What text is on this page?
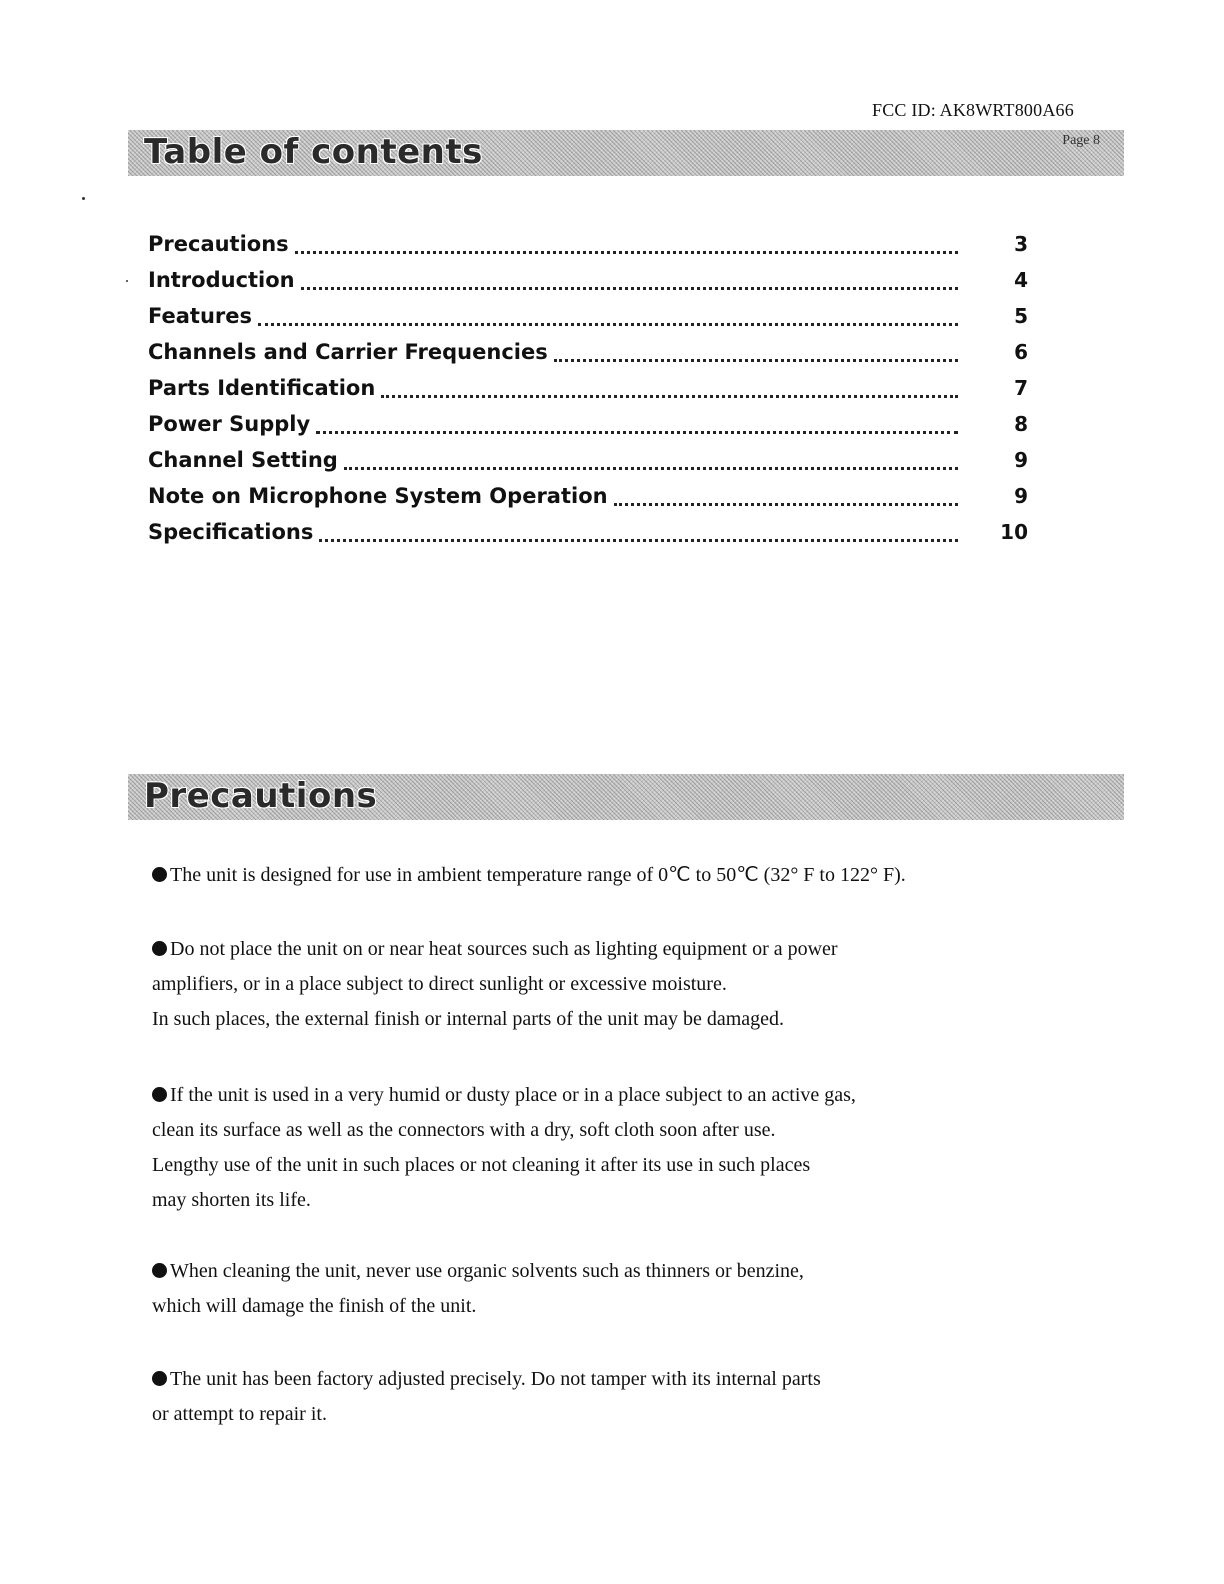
FCC ID: AK8WRT800A66
Table of contents	Page 8
Precautions	3
Introduction	4
Features	5
Channels and Carrier Frequencies	6
Parts Identification	7
Power Supply	8
Channel Setting	9
Note on Microphone System Operation	9
Specifications	10
Precautions
The unit is designed for use in ambient temperature range of 0℃ to 50℃ (32° F to 122° F).
Do not place the unit on or near heat sources such as lighting equipment or a power
amplifiers, or in a place subject to direct sunlight or excessive moisture.
In such places, the external finish or internal parts of the unit may be damaged.
If the unit is used in a very humid or dusty place or in a place subject to an active gas,
clean its surface as well as the connectors with a dry, soft cloth soon after use.
Lengthy use of the unit in such places or not cleaning it after its use in such places
may shorten its life.
When cleaning the unit, never use organic solvents such as thinners or benzine,
which will damage the finish of the unit.
The unit has been factory adjusted precisely. Do not tamper with its internal parts
or attempt to repair it.
